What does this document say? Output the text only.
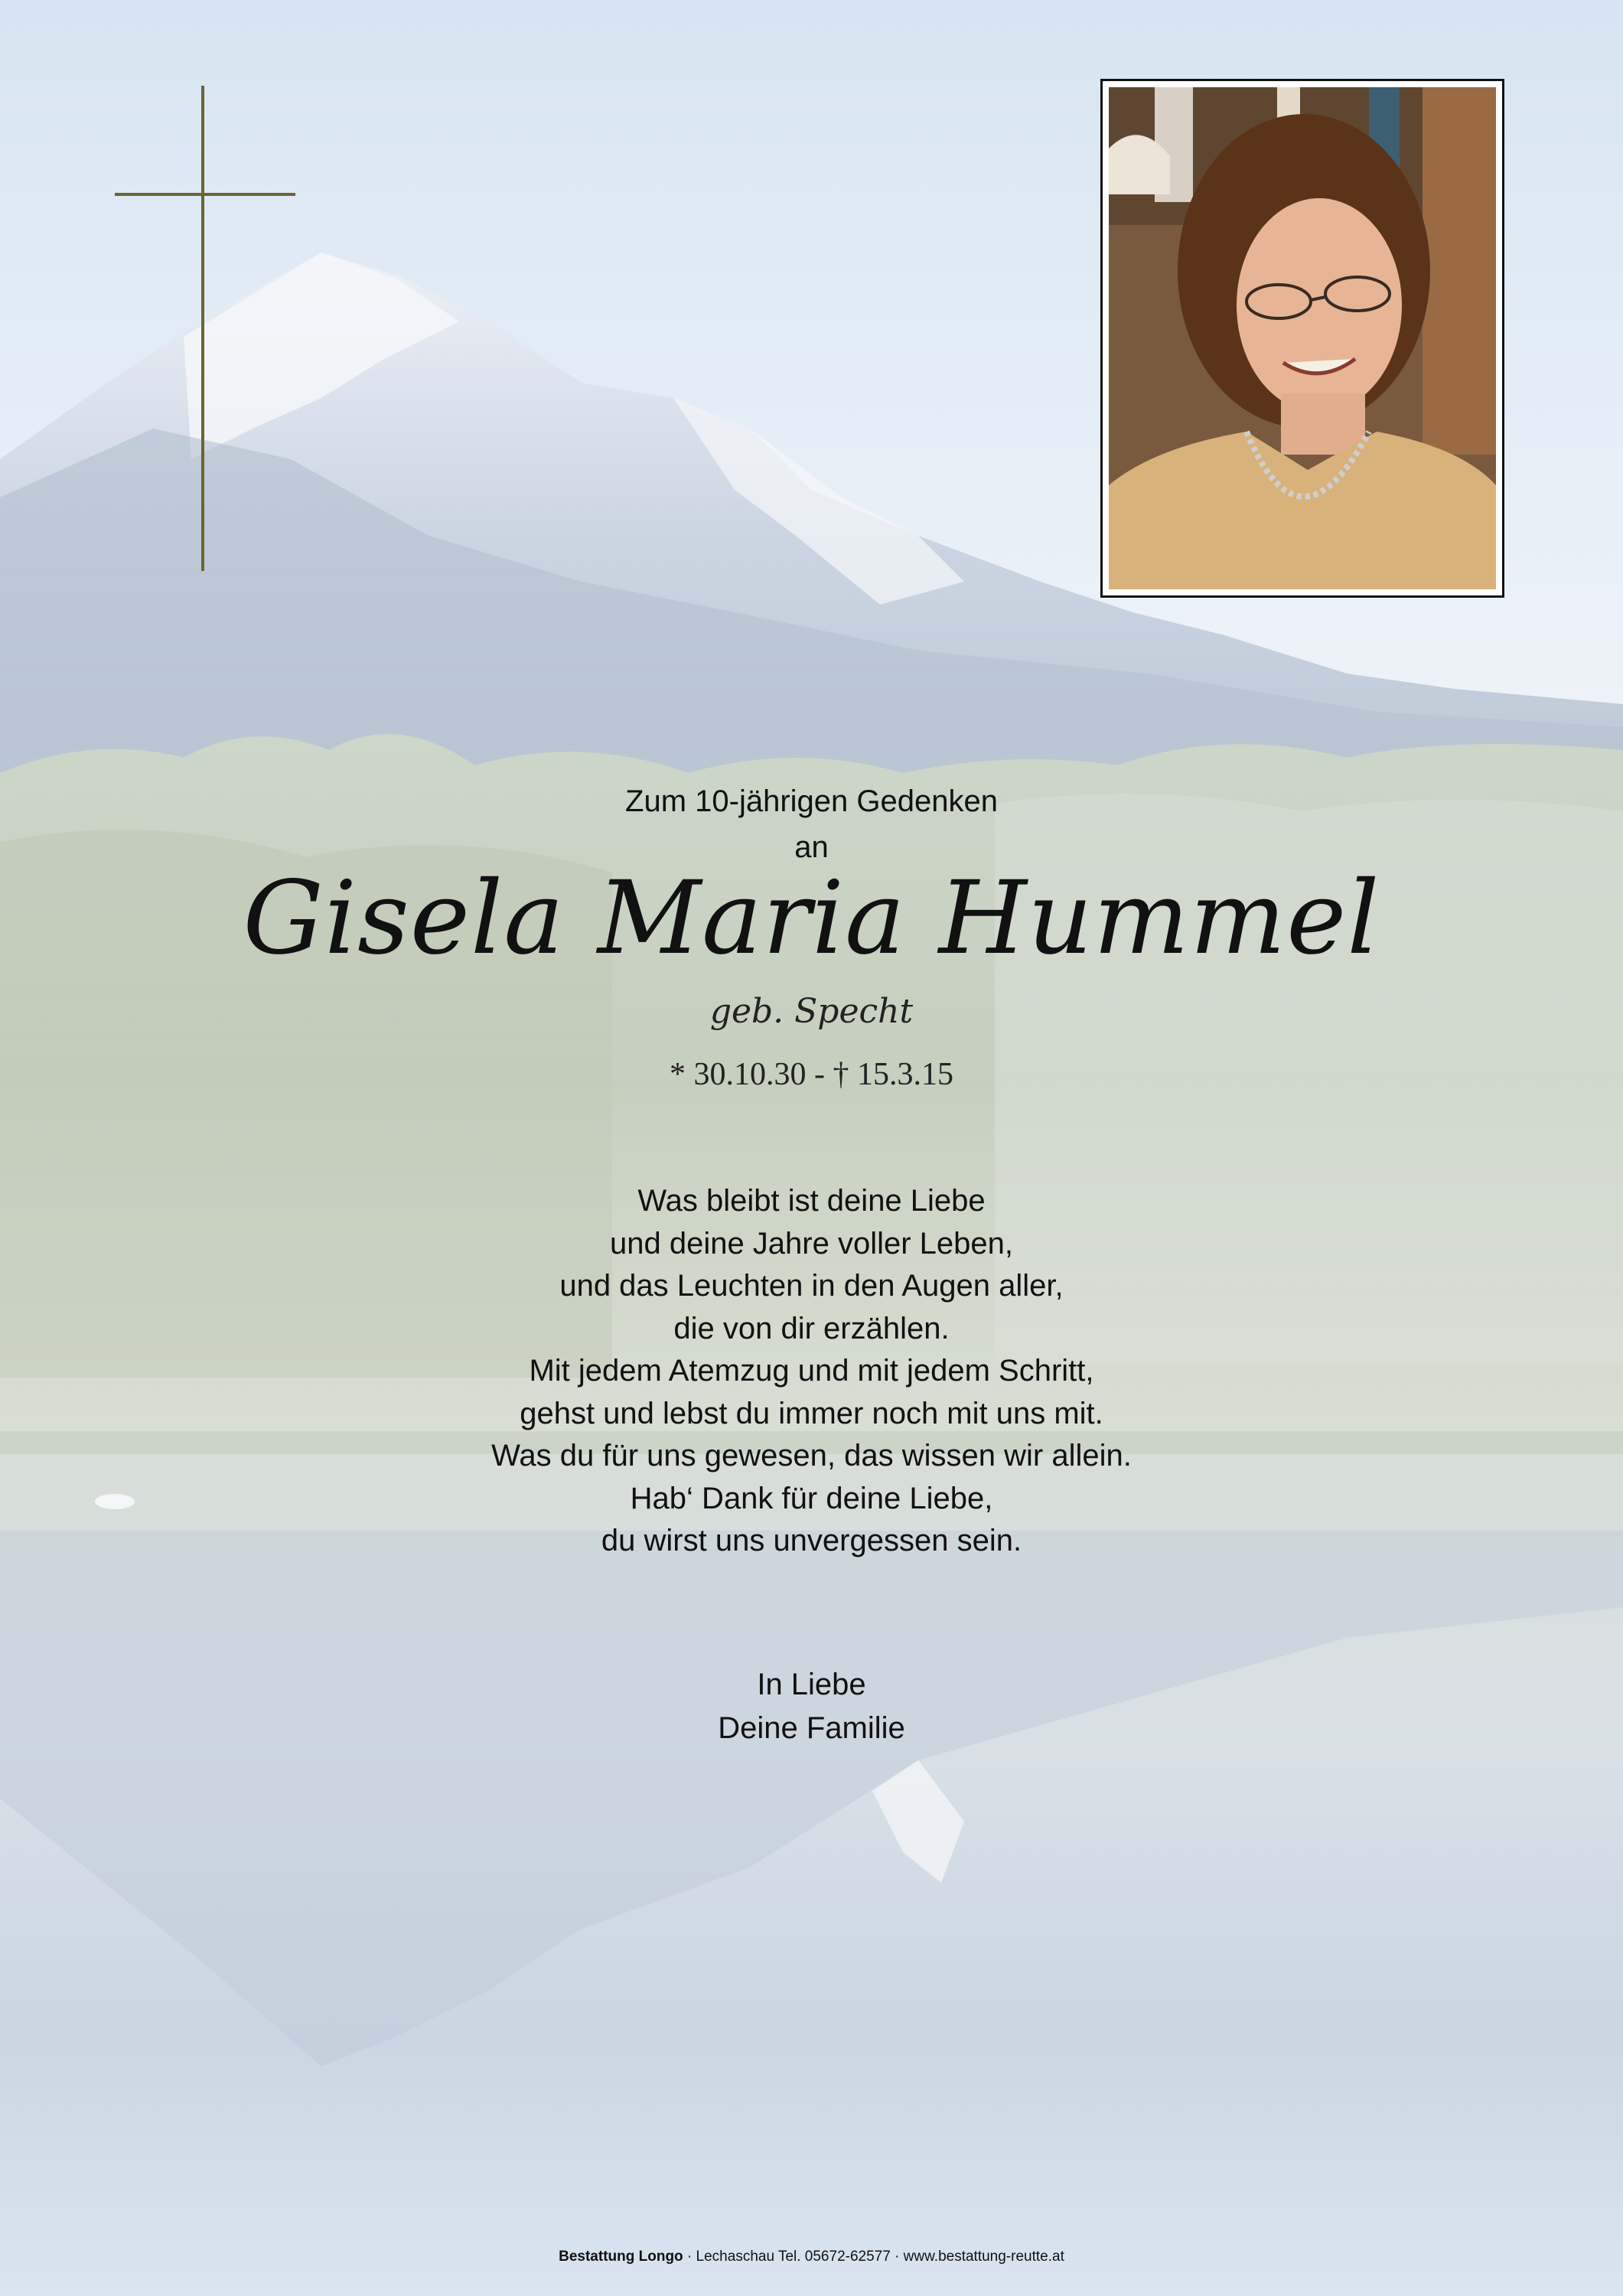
Zum 10-jährigen Gedenken
an
Gisela Maria Hummel
geb. Specht
* 30.10.30 - † 15.3.15
Was bleibt ist deine Liebe
und deine Jahre voller Leben,
und das Leuchten in den Augen aller,
die von dir erzählen.
Mit jedem Atemzug und mit jedem Schritt,
gehst und lebst du immer noch mit uns mit.
Was du für uns gewesen, das wissen wir allein.
Hab‘ Dank für deine Liebe,
du wirst uns unvergessen sein.
In Liebe
Deine Familie
Bestattung Longo · Lechaschau Tel. 05672-62577 · www.bestattung-reutte.at
